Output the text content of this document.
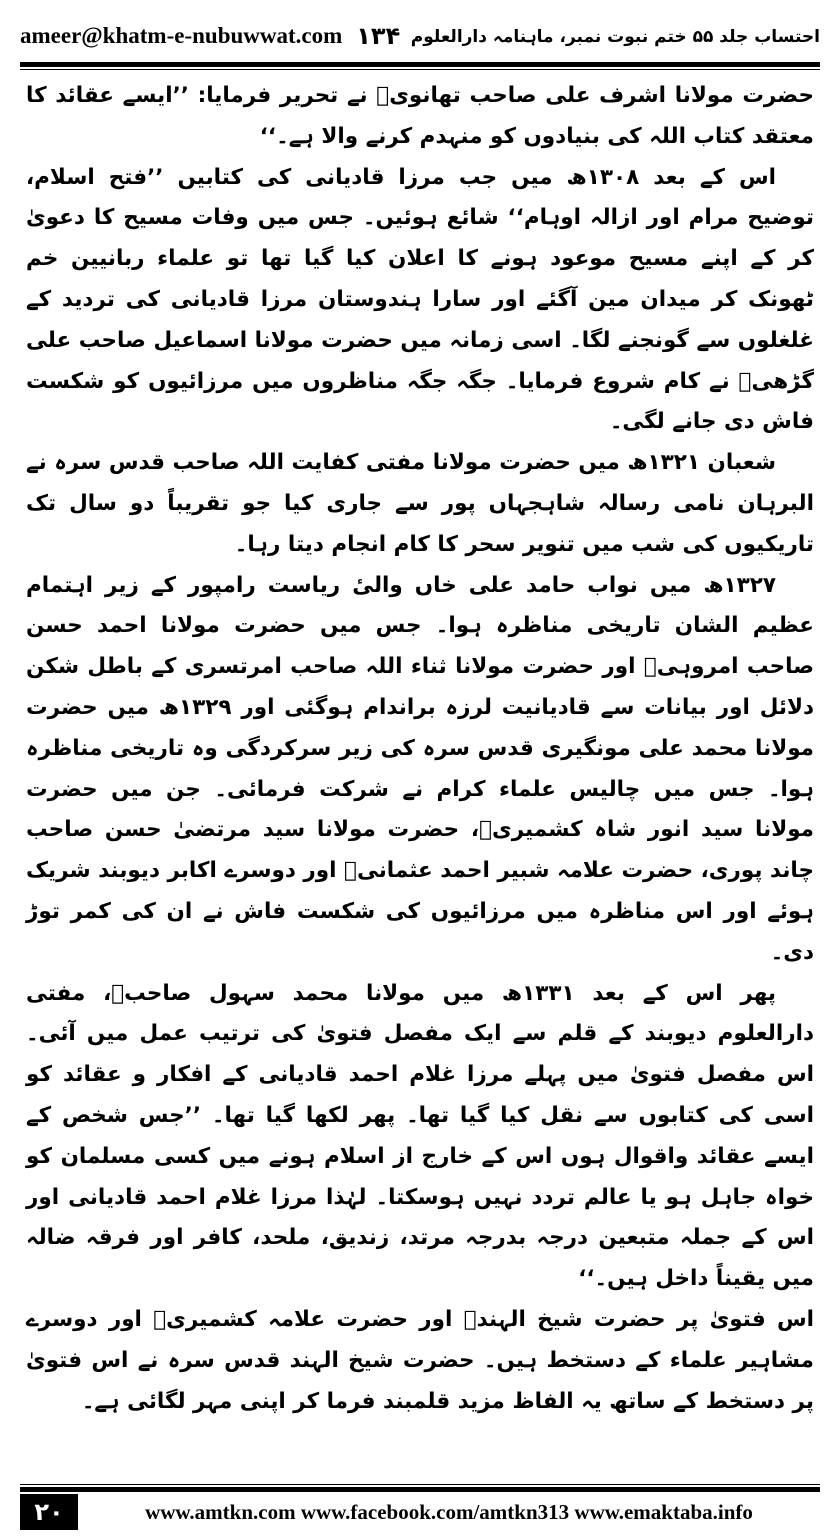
ameer@khatm-e-nubuwwat.com ۱۳۴ احتساب جلد ۵۵ ختم نبوت نمبر، ماہنامہ دارالعلوم

حضرت مولانا اشرف علی صاحب تھانویؒ نے تحریر فرمایا: ’’ایسے عقائد کا معتقد کتاب اللہ کی بنیادوں کو منہدم کرنے والا ہے۔‘‘

اس کے بعد ۱۳۰۸ھ میں جب مرزا قادیانی کی کتابیں ’’فتح اسلام، توضیح مرام اور ازالہ اوہام‘‘ شائع ہوئیں۔ جس میں وفات مسیح کا دعویٰ کر کے اپنے مسیح موعود ہونے کا اعلان کیا گیا تھا تو علماء ربانیین خم ٹھونک کر میدان مین آگئے اور سارا ہندوستان مرزا قادیانی کی تردید کے غلغلوں سے گونجنے لگا۔ اسی زمانہ میں حضرت مولانا اسماعیل صاحب علی گڑھیؒ نے کام شروع فرمایا۔ جگہ جگہ مناظروں میں مرزائیوں کو شکست فاش دی جانے لگی۔

شعبان ۱۳۲۱ھ میں حضرت مولانا مفتی کفایت اللہ صاحب قدس سرہ نے البرہان نامی رسالہ شاہجہاں پور سے جاری کیا جو تقریباً دو سال تک تاریکیوں کی شب میں تنویر سحر کا کام انجام دیتا رہا۔

۱۳۲۷ھ میں نواب حامد علی خاں والیٔ ریاست رامپور کے زیر اہتمام عظیم الشان تاریخی مناظرہ ہوا۔ جس میں حضرت مولانا احمد حسن صاحب امروہیؒ اور حضرت مولانا ثناء اللہ صاحب امرتسری کے باطل شکن دلائل اور بیانات سے قادیانیت لرزہ براندام ہوگئی اور ۱۳۲۹ھ میں حضرت مولانا محمد علی مونگیری قدس سرہ کی زیر سرکردگی وہ تاریخی مناظرہ ہوا۔ جس میں چالیس علماء کرام نے شرکت فرمائی۔ جن میں حضرت مولانا سید انور شاہ کشمیریؒ، حضرت مولانا سید مرتضیٰ حسن صاحب چاند پوری، حضرت علامہ شبیر احمد عثمانیؒ اور دوسرے اکابر دیوبند شریک ہوئے اور اس مناظرہ میں مرزائیوں کی شکست فاش نے ان کی کمر توڑ دی۔

پھر اس کے بعد ۱۳۳۱ھ میں مولانا محمد سہول صاحبؒ، مفتی دارالعلوم دیوبند کے قلم سے ایک مفصل فتویٰ کی ترتیب عمل میں آئی۔ اس مفصل فتویٰ میں پہلے مرزا غلام احمد قادیانی کے افکار و عقائد کو اسی کی کتابوں سے نقل کیا گیا تھا۔ پھر لکھا گیا تھا۔ ’’جس شخص کے ایسے عقائد واقوال ہوں اس کے خارج از اسلام ہونے میں کسی مسلمان کو خواہ جاہل ہو یا عالم تردد نہیں ہوسکتا۔ لہٰذا مرزا غلام احمد قادیانی اور اس کے جملہ متبعین درجہ بدرجہ مرتد، زندیق، ملحد، کافر اور فرقہ ضالہ میں یقیناً داخل ہیں۔‘‘

اس فتویٰ پر حضرت شیخ الہندؒ اور حضرت علامہ کشمیریؒ اور دوسرے مشاہیر علماء کے دستخط ہیں۔ حضرت شیخ الہند قدس سرہ نے اس فتویٰ پر دستخط کے ساتھ یہ الفاظ مزید قلمبند فرما کر اپنی مہر لگائی ہے۔

۲۰	www.amtkn.com www.facebook.com/amtkn313 www.emaktaba.info
